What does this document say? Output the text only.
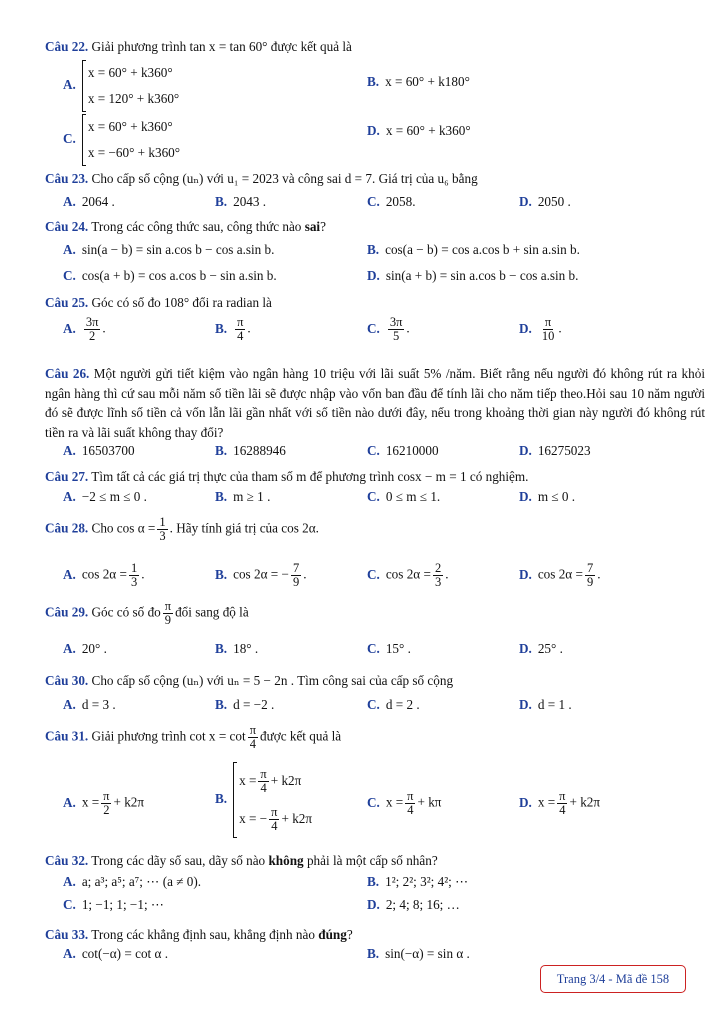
Câu 22. Giải phương trình tan x = tan 60° được kết quả là
A.
x = 60° + k360°
x = 120° + k360°
B. x = 60° + k180°
C.
x = 60° + k360°
x = −60° + k360°
D. x = 60° + k360°
Câu 23. Cho cấp số cộng (uₙ) với u₁ = 2023 và công sai d = 7. Giá trị của u₆ bằng
A. 2064 .	B. 2043 .	C. 2058.	D. 2050 .
Câu 24. Trong các công thức sau, công thức nào sai?
A. sin(a − b) = sin a.cos b − cos a.sin b.	B. cos(a − b) = cos a.cos b + sin a.sin b.
C. cos(a + b) = cos a.cos b − sin a.sin b.	D. sin(a + b) = sin a.cos b − cos a.sin b.
Câu 25. Góc có số đo 108° đổi ra radian là
A. $\frac{3\pi}{2}$ .	B. $\frac{\pi}{4}$ .	C. $\frac{3\pi}{5}$ .	D. $\frac{\pi}{10}$ .
Câu 26. Một người gửi tiết kiệm vào ngân hàng 10 triệu với lãi suất 5% /năm. Biết rằng nếu người đó không rút ra khỏi ngân hàng thì cứ sau mỗi năm số tiền lãi sẽ được nhập vào vốn ban đầu để tính lãi cho năm tiếp theo.Hỏi sau 10 năm người đó sẽ được lĩnh số tiền cả vốn lẫn lãi gần nhất với số tiền nào dưới đây, nếu trong khoảng thời gian này người đó không rút tiền ra và lãi suất không thay đổi?
A. 16503700	B. 16288946	C. 16210000	D. 16275023
Câu 27. Tìm tất cả các giá trị thực của tham số m để phương trình cosx − m = 1 có nghiệm.
A. −2 ≤ m ≤ 0 .	B. m ≥ 1 .	C. 0 ≤ m ≤ 1.	D. m ≤ 0 .
Câu 28. Cho $\cos \alpha = \frac{1}{3}$ . Hãy tính giá trị của cos 2α.
A. $\cos 2\alpha = \frac{1}{3}$ .	B. cos 2α = − $\frac{7}{9}$ .	C. $\cos 2\alpha = \frac{2}{3}$ .	D. $\cos 2\alpha = \frac{7}{9}$ .
Câu 29. Góc có số đo $\frac{\pi}{9}$ đổi sang độ là
A. 20° .	B. 18° .	C. 15° .	D. 25° .
Câu 30. Cho cấp số cộng (uₙ) với uₙ = 5 − 2n . Tìm công sai của cấp số cộng
A. d = 3 .	B. d = −2 .	C. d = 2 .	D. d = 1 .
Câu 31. Giải phương trình $\cot x = \cot \frac{\pi}{4}$ được kết quả là
A. $x = \frac{\pi}{2} + k2\pi$	B.
$x = \frac{\pi}{4} + k2\pi$
x = − $\frac{\pi}{4} + k2\pi$
C. $x = \frac{\pi}{4} + k\pi$	D. $x = \frac{\pi}{4} + k2\pi$
Câu 32. Trong các dãy số sau, dãy số nào không phải là một cấp số nhân?
A. a; a³; a⁵; a⁷; ⋯ (a ≠ 0).	B. 1²; 2²; 3²; 4²; ⋯
C. 1; −1; 1; −1; ⋯	D. 2; 4; 8; 16; …
Câu 33. Trong các khẳng định sau, khẳng định nào đúng?
A. cot(−α) = cot α .	B. sin(−α) = sin α .
Trang 3/4 - Mã đề 158
